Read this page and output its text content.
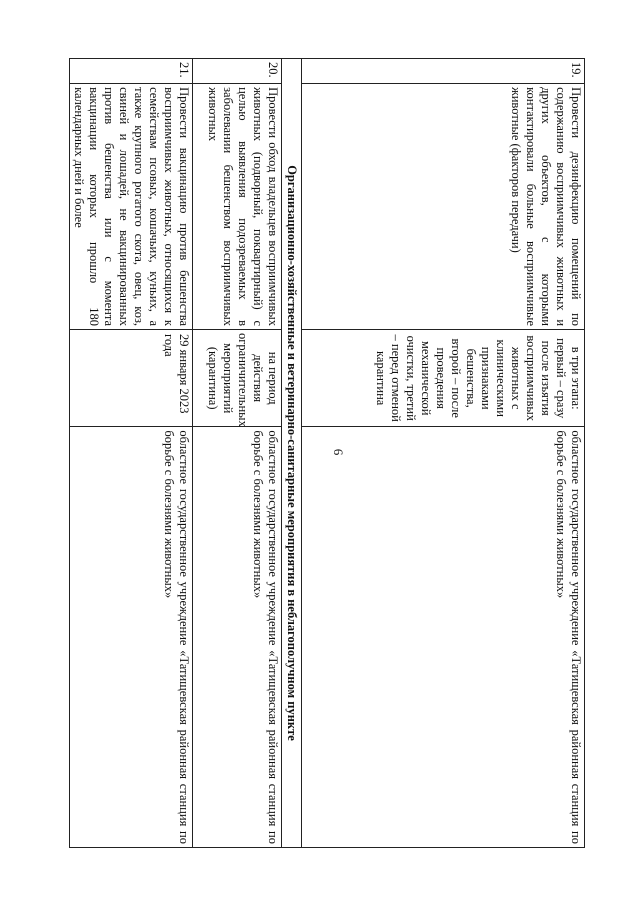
6
19.	Провести дезинфекцию помещений по содержанию восприимчивых животных и других объектов, с которыми контактировали больные восприимчивые животные (факторов передачи)	в три этапа: первый – сразу после изъятия восприимчивых животных с клиническими признаками бешенства, второй – после проведения механической очистки, третий – перед отменой карантина	областное государственное учреждение «Татищевская районная станция по борьбе с болезнями животных»
Организационно-хозяйственные и ветеринарно-санитарные мероприятия в неблагополучном пункте			
20.	Провести обход владельцев восприимчивых животных (подворный, поквартирный) с целью выявления подозреваемых в заболевании бешенством восприимчивых животных	на период действия ограничительных мероприятий (карантина)	областное государственное учреждение «Татищевская районная станция по борьбе с болезнями животных»
21.	Провести вакцинацию против бешенства восприимчивых животных, относящихся к семействам псовых, кошачьих, куньих, а также крупного рогатого скота, овец, коз, свиней и лошадей, не вакцинированных против бешенства или с момента вакцинации которых прошло 180 календарных дней и более	29 января 2023 года	областное государственное учреждение «Татищевская районная станция по борьбе с болезнями животных»
